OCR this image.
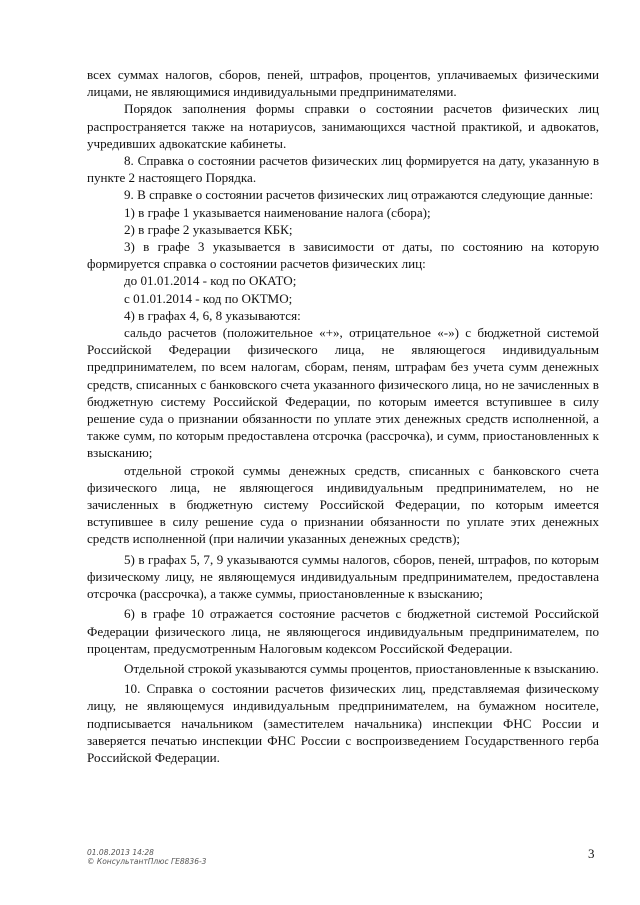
всех суммах налогов, сборов, пеней, штрафов, процентов, уплачиваемых физическими лицами, не являющимися индивидуальными предпринимателями.

Порядок заполнения формы справки о состоянии расчетов физических лиц распространяется также на нотариусов, занимающихся частной практикой, и адвокатов, учредивших адвокатские кабинеты.

8. Справка о состоянии расчетов физических лиц формируется на дату, указанную в пункте 2 настоящего Порядка.

9. В справке о состоянии расчетов физических лиц отражаются следующие данные:

1) в графе 1 указывается наименование налога (сбора);

2) в графе 2 указывается КБК;

3) в графе 3 указывается в зависимости от даты, по состоянию на которую формируется справка о состоянии расчетов физических лиц:

до 01.01.2014 - код по ОКАТО;

с 01.01.2014 - код по ОКТМО;

4) в графах 4, 6, 8 указываются:

сальдо расчетов (положительное «+», отрицательное «-») с бюджетной системой Российской Федерации физического лица, не являющегося индивидуальным предпринимателем, по всем налогам, сборам, пеням, штрафам без учета сумм денежных средств, списанных с банковского счета указанного физического лица, но не зачисленных в бюджетную систему Российской Федерации, по которым имеется вступившее в силу решение суда о признании обязанности по уплате этих денежных средств исполненной, а также сумм, по которым предоставлена отсрочка (рассрочка), и сумм, приостановленных к взысканию;

отдельной строкой суммы денежных средств, списанных с банковского счета физического лица, не являющегося индивидуальным предпринимателем, но не зачисленных в бюджетную систему Российской Федерации, по которым имеется вступившее в силу решение суда о признании обязанности по уплате этих денежных средств исполненной (при наличии указанных денежных средств);

5) в графах 5, 7, 9 указываются суммы налогов, сборов, пеней, штрафов, по которым физическому лицу, не являющемуся индивидуальным предпринимателем, предоставлена отсрочка (рассрочка), а также суммы, приостановленные к взысканию;

6) в графе 10 отражается состояние расчетов с бюджетной системой Российской Федерации физического лица, не являющегося индивидуальным предпринимателем, по процентам, предусмотренным Налоговым кодексом Российской Федерации.

Отдельной строкой указываются суммы процентов, приостановленные к взысканию.

10. Справка о состоянии расчетов физических лиц, представляемая физическому лицу, не являющемуся индивидуальным предпринимателем, на бумажном носителе, подписывается начальником (заместителем начальника) инспекции ФНС России и заверяется печатью инспекции ФНС России с воспроизведением Государственного герба Российской Федерации.

01.08.2013 14:28
© КонсультантПлюс ГЕ8836-3
3
